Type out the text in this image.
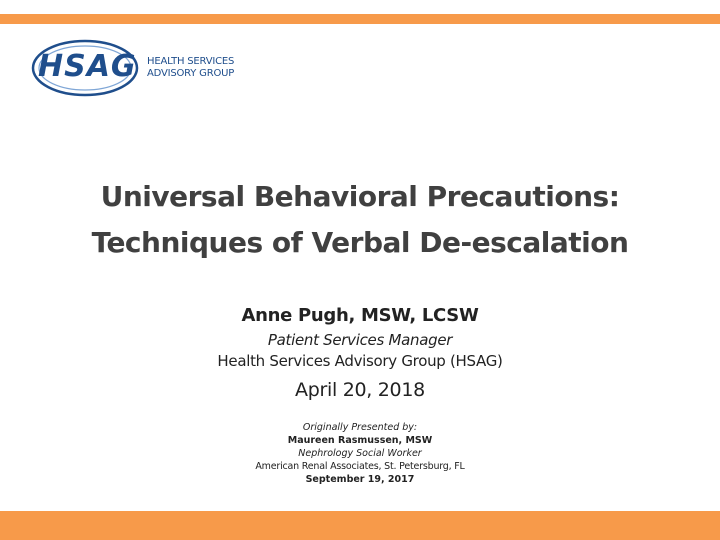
HSAG HEALTH SERVICES
ADVISORY GROUP
Universal Behavioral Precautions:
Techniques of Verbal De-escalation
Anne Pugh, MSW, LCSW
Patient Services Manager
Health Services Advisory Group (HSAG)
April 20, 2018
Originally Presented by:
Maureen Rasmussen, MSW
Nephrology Social Worker
American Renal Associates, St. Petersburg, FL
September 19, 2017
